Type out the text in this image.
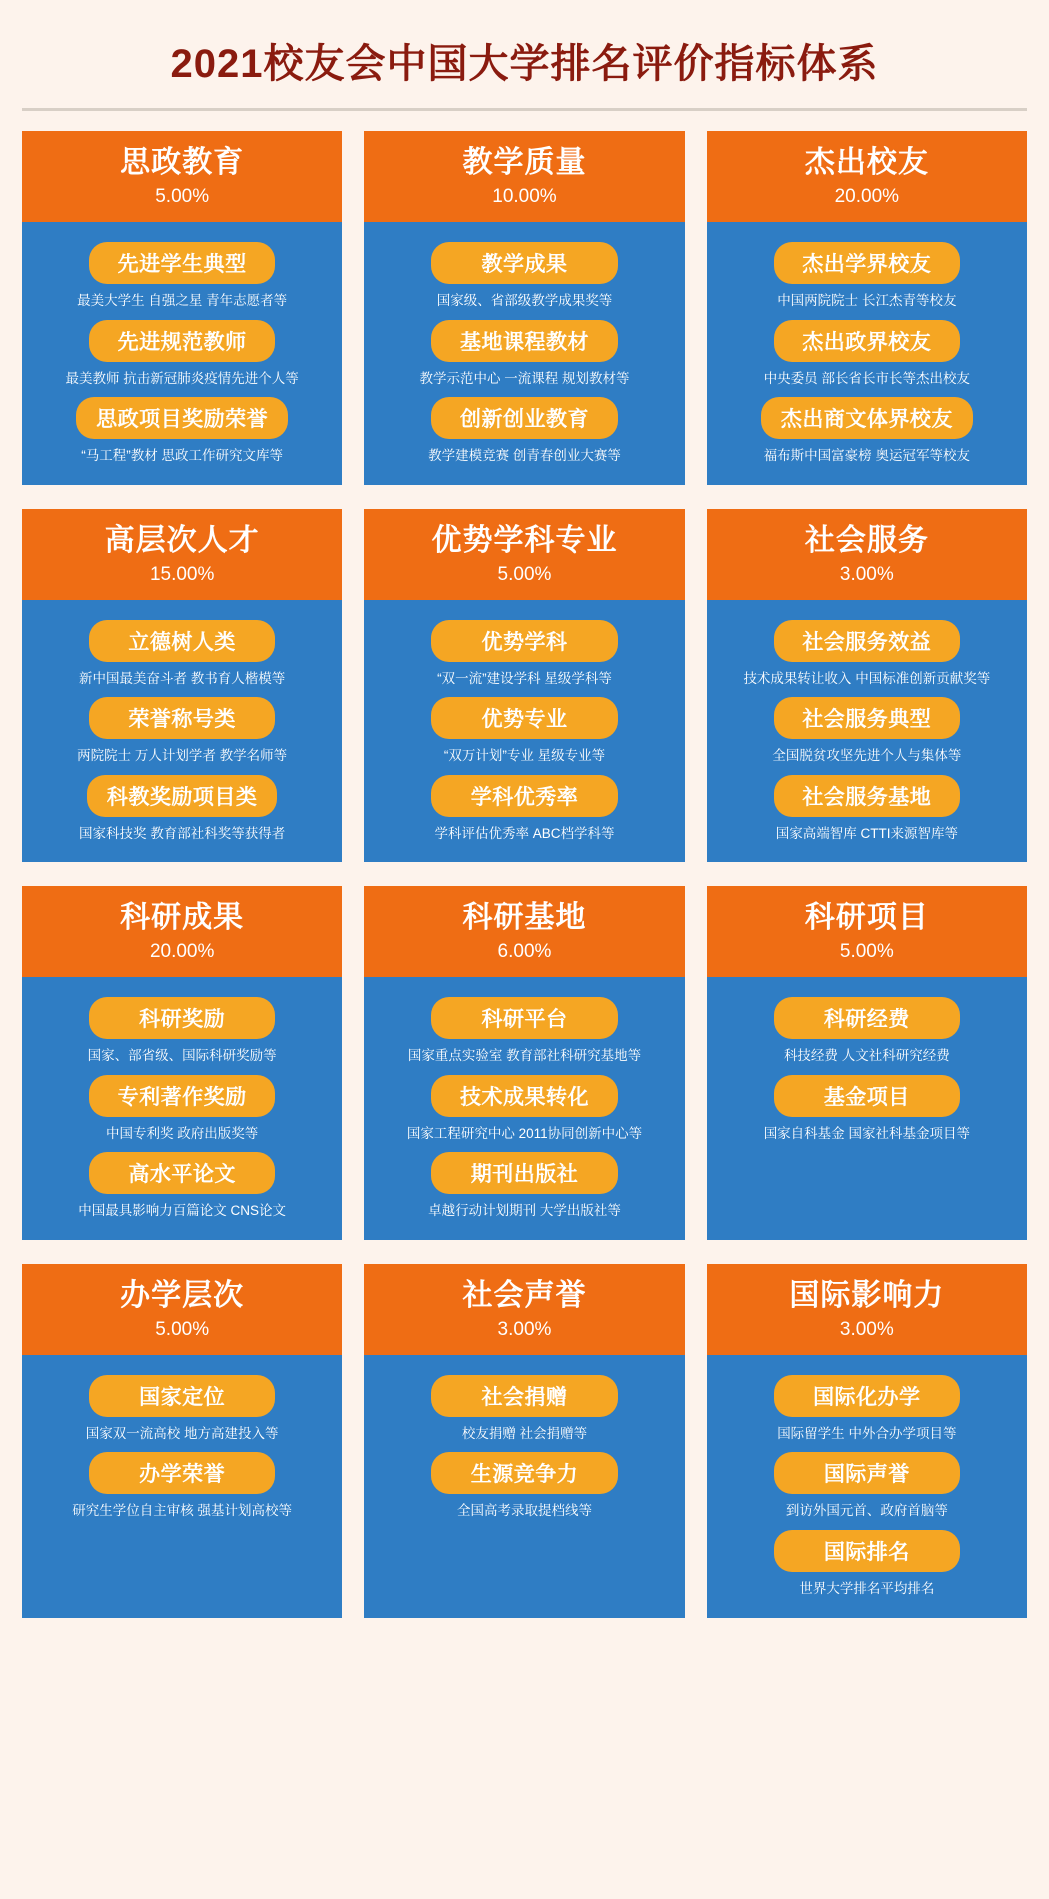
2021校友会中国大学排名评价指标体系
思政教育
5.00%
先进学生典型
最美大学生 自强之星 青年志愿者等
先进规范教师
最美教师 抗击新冠肺炎疫情先进个人等
思政项目奖励荣誉
“马工程”教材 思政工作研究文库等
教学质量
10.00%
教学成果
国家级、省部级教学成果奖等
基地课程教材
教学示范中心 一流课程 规划教材等
创新创业教育
教学建模竞赛 创青春创业大赛等
杰出校友
20.00%
杰出学界校友
中国两院院士 长江杰青等校友
杰出政界校友
中央委员 部长省长市长等杰出校友
杰出商文体界校友
福布斯中国富豪榜 奥运冠军等校友
高层次人才
15.00%
立德树人类
新中国最美奋斗者 教书育人楷模等
荣誉称号类
两院院士 万人计划学者 教学名师等
科教奖励项目类
国家科技奖 教育部社科奖等获得者
优势学科专业
5.00%
优势学科
“双一流”建设学科 星级学科等
优势专业
“双万计划”专业 星级专业等
学科优秀率
学科评估优秀率 ABC档学科等
社会服务
3.00%
社会服务效益
技术成果转让收入 中国标准创新贡献奖等
社会服务典型
全国脱贫攻坚先进个人与集体等
社会服务基地
国家高端智库 CTTI来源智库等
科研成果
20.00%
科研奖励
国家、部省级、国际科研奖励等
专利著作奖励
中国专利奖 政府出版奖等
高水平论文
中国最具影响力百篇论文 CNS论文
科研基地
6.00%
科研平台
国家重点实验室 教育部社科研究基地等
技术成果转化
国家工程研究中心 2011协同创新中心等
期刊出版社
卓越行动计划期刊 大学出版社等
科研项目
5.00%
科研经费
科技经费 人文社科研究经费
基金项目
国家自科基金 国家社科基金项目等
办学层次
5.00%
国家定位
国家双一流高校 地方高建投入等
办学荣誉
研究生学位自主审核 强基计划高校等
社会声誉
3.00%
社会捐赠
校友捐赠 社会捐赠等
生源竞争力
全国高考录取提档线等
国际影响力
3.00%
国际化办学
国际留学生 中外合办学项目等
国际声誉
到访外国元首、政府首脑等
国际排名
世界大学排名平均排名
